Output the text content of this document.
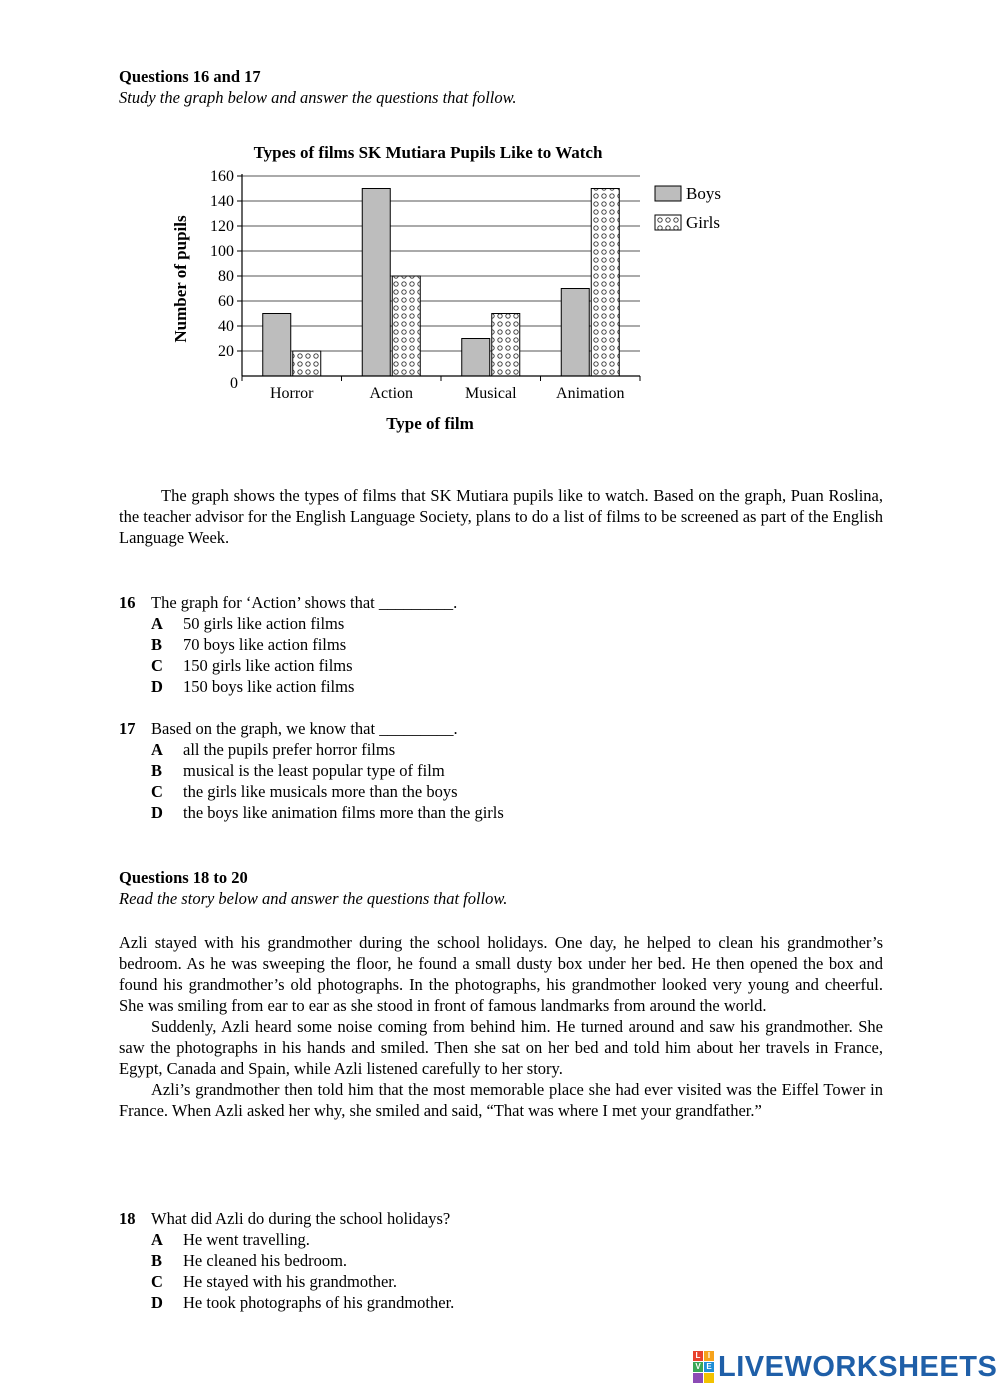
Questions 16 and 17
Study the graph below and answer the questions that follow.
Types of films SK Mutiara Pupils Like to Watch
Number of pupils
Type of film
0
20
40
60
80
100
120
140
160
Horror	Action	Musical Animation
Boys
Girls

The graph shows the types of films that SK Mutiara pupils like to watch. Based on the graph, Puan Roslina, the teacher advisor for the English Language Society, plans to do a list of films to be screened as part of the English Language Week.

16 The graph for ‘Action’ shows that _________.
A	50 girls like action films
B	70 boys like action films
C	150 girls like action films
D	150 boys like action films
17 Based on the graph, we know that _________.
A	all the pupils prefer horror films
B	musical is the least popular type of film
C	the girls like musicals more than the boys
D	the boys like animation films more than the girls
Questions 18 to 20
Read the story below and answer the questions that follow.

Azli stayed with his grandmother during the school holidays. One day, he helped to clean his grandmother’s bedroom. As he was sweeping the floor, he found a small dusty box under her bed. He then opened the box and found his grandmother’s old photographs. In the photographs, his grandmother looked very young and cheerful. She was smiling from ear to ear as she stood in front of famous landmarks from around the world.

Suddenly, Azli heard some noise coming from behind him. He turned around and saw his grandmother. She saw the photographs in his hands and smiled. Then she sat on her bed and told him about her travels in France, Egypt, Canada and Spain, while Azli listened carefully to her story.

Azli’s grandmother then told him that the most memorable place she had ever visited was the Eiffel Tower in France. When Azli asked her why, she smiled and said, “That was where I met your grandfather.”

18 What did Azli do during the school holidays?
A	He went travelling.
B	He cleaned his bedroom.
C	He stayed with his grandmother.
D	He took photographs of his grandmother.
L I
V E LIVEWORKSHEETS
